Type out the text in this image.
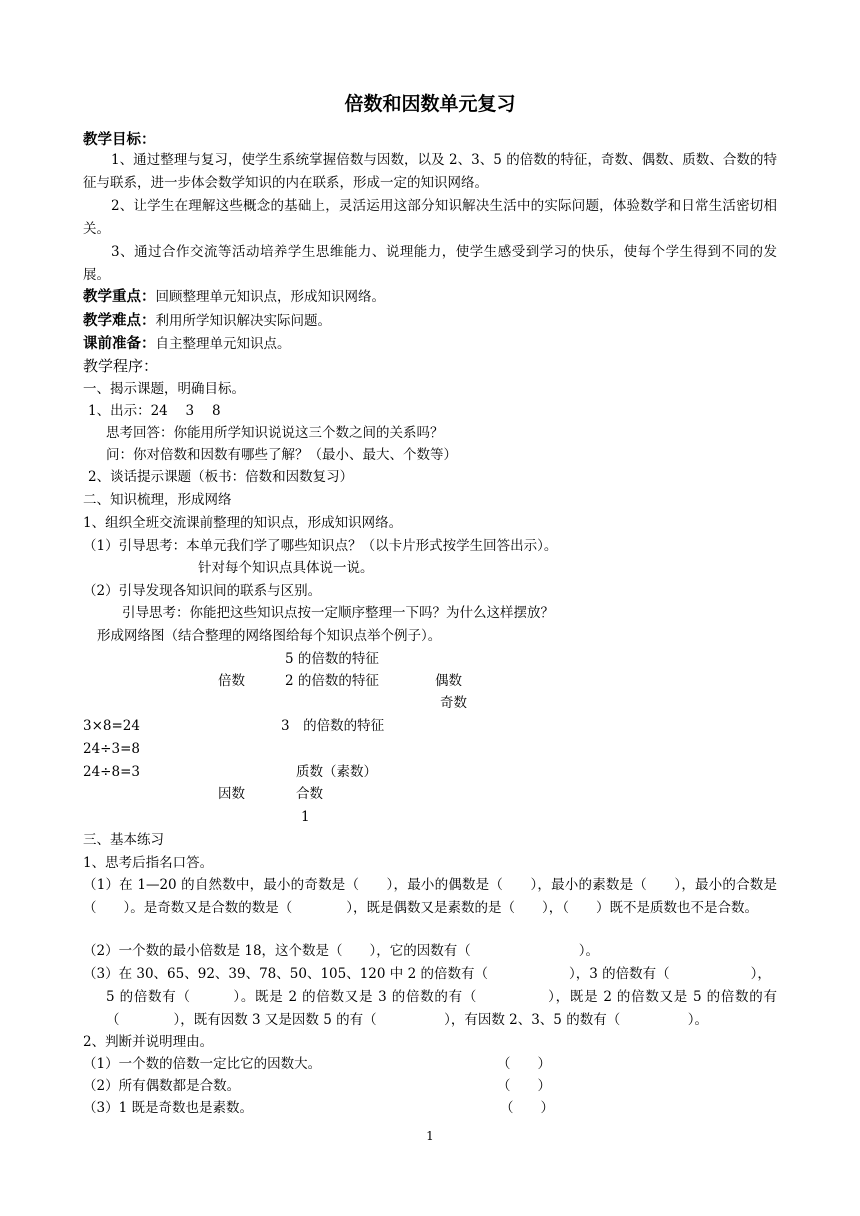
倍数和因数单元复习
教学目标：
1、通过整理与复习，使学生系统掌握倍数与因数，以及 2、3、5 的倍数的特征，奇数、偶数、质数、合数的特征与联系，进一步体会数学知识的内在联系，形成一定的知识网络。
2、让学生在理解这些概念的基础上，灵活运用这部分知识解决生活中的实际问题，体验数学和日常生活密切相关。
3、通过合作交流等活动培养学生思维能力、说理能力，使学生感受到学习的快乐，使每个学生得到不同的发展。
教学重点：回顾整理单元知识点，形成知识网络。
教学难点：利用所学知识解决实际问题。
课前准备：自主整理单元知识点。
教学程序：
一、揭示课题，明确目标。
1、出示：24　 3　 8
思考回答：你能用所学知识说说这三个数之间的关系吗？
问：你对倍数和因数有哪些了解？（最小、最大、个数等）
2、谈话提示课题（板书：倍数和因数复习）
二、知识梳理，形成网络
1、组织全班交流课前整理的知识点，形成知识网络。
（1）引导思考：本单元我们学了哪些知识点？（以卡片形式按学生回答出示）。
针对每个知识点具体说一说。
（2）引导发现各知识间的联系与区别。
引导思考：你能把这些知识点按一定顺序整理一下吗？为什么这样摆放？
形成网络图（结合整理的网络图给每个知识点举个例子）。
5 的倍数的特征
倍数	2 的倍数的特征	偶数
奇数
3×8=24	3　的倍数的特征
24÷3=8
24÷8=3	质数（素数）
因数	合数
1
三、基本练习
1、思考后指名口答。
（1）在 1—20 的自然数中，最小的奇数是（　　），最小的偶数是（　　），最小的素数是（　　），最小的合数是（　　）。是奇数又是合数的数是（　　　　），既是偶数又是素数的是（　　），（　　）既不是质数也不是合数。
（2）一个数的最小倍数是 18，这个数是（　　），它的因数有（　　　　　　　　）。
（3）在 30、65、92、39、78、50、105、120 中 2 的倍数有（　　　　　　），3 的倍数有（　　　　　　），
5 的倍数有（　　　）。既是 2 的倍数又是 3 的倍数的有（　　　　　），既是 2 的倍数又是 5 的倍数的有（　　　　），既有因数 3 又是因数 5 的有（　　　　　），有因数 2、3、5 的数有（　　　　　）。
2、判断并说明理由。
（1）一个数的倍数一定比它的因数大。	（　　）
（2）所有偶数都是合数。	（　　）
（3）1 既是奇数也是素数。	（　　）
1
